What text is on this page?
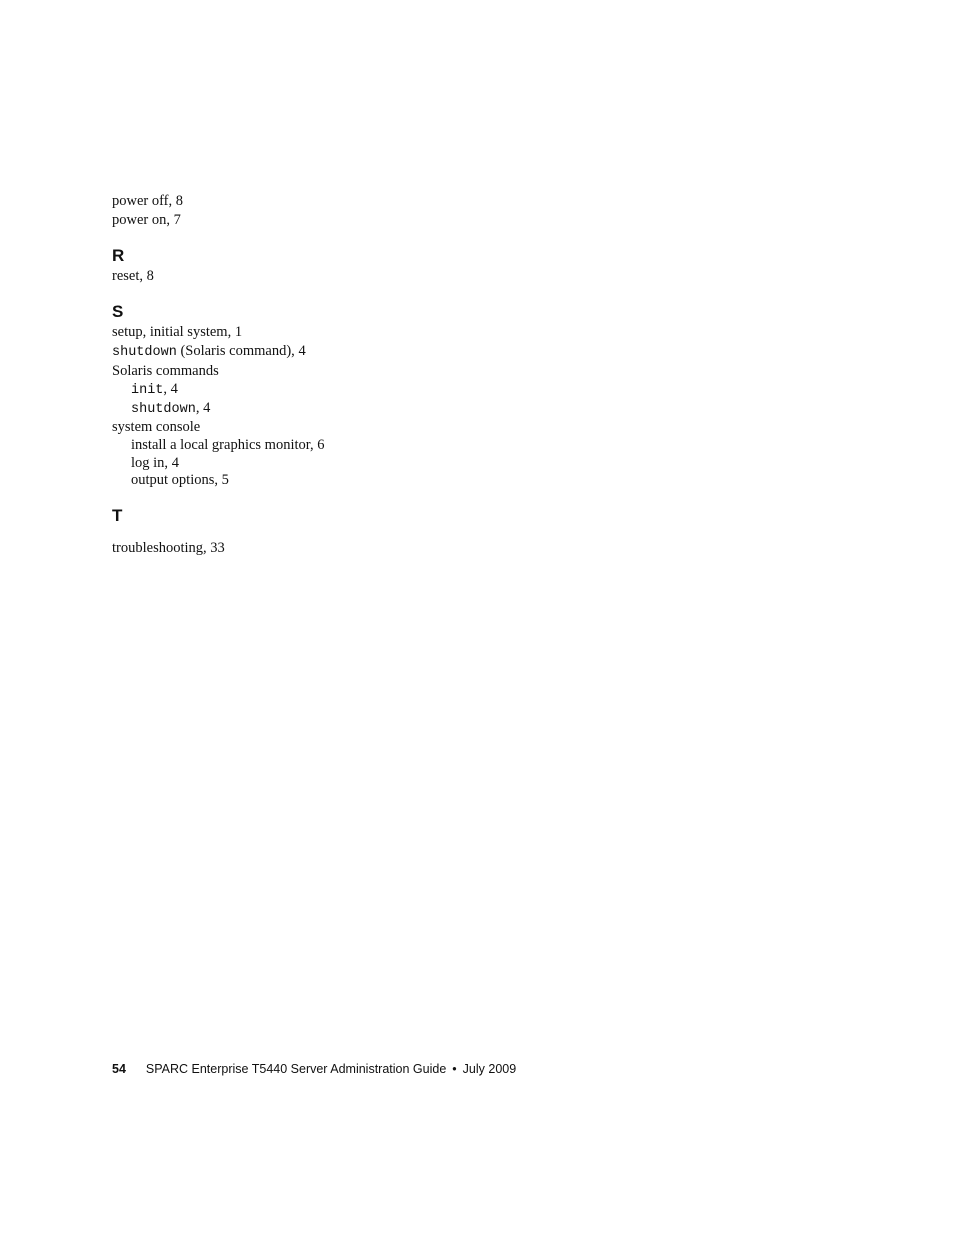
power off, 8
power on, 7
R
reset, 8
S
setup, initial system, 1
shutdown (Solaris command), 4
Solaris commands
init, 4
shutdown, 4
system console
install a local graphics monitor, 6
log in, 4
output options, 5
T
troubleshooting, 33
54 SPARC Enterprise T5440 Server Administration Guide • July 2009
